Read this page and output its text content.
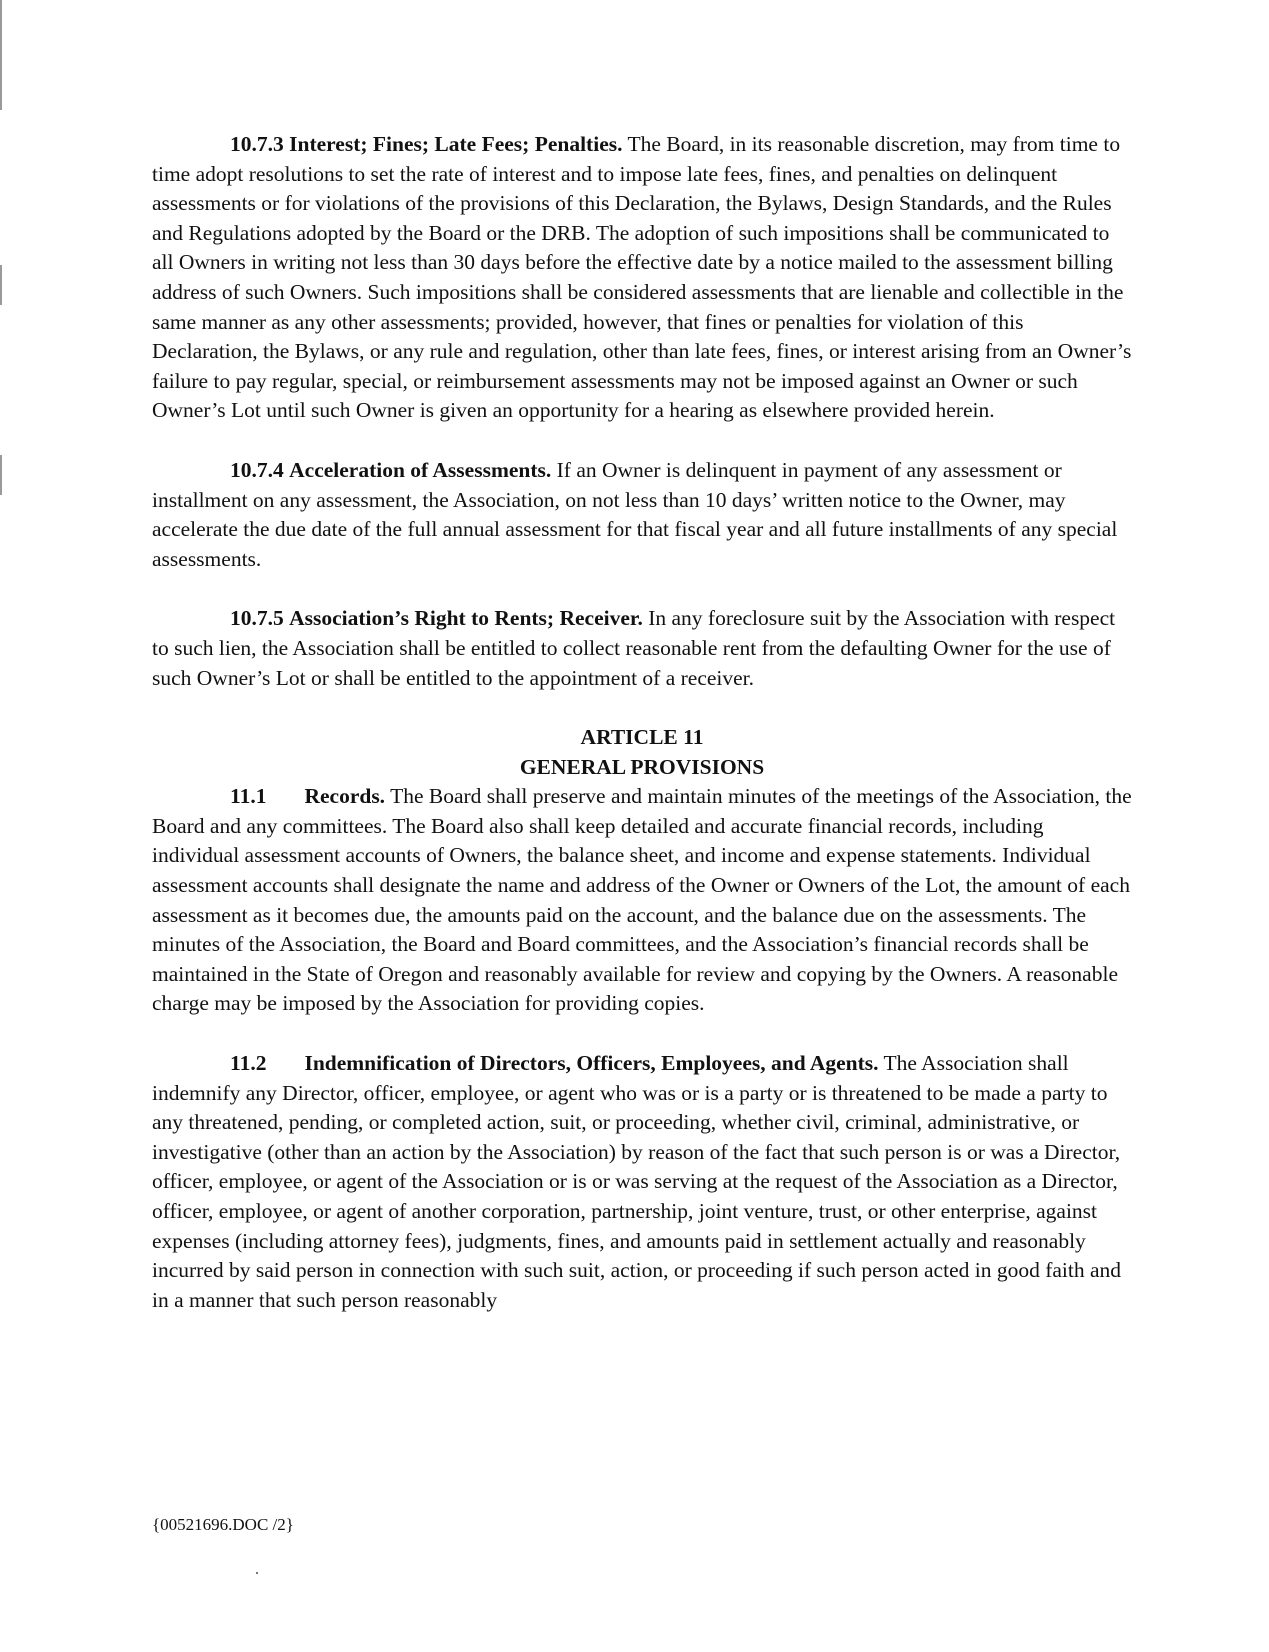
10.7.3 Interest; Fines; Late Fees; Penalties. The Board, in its reasonable discretion, may from time to time adopt resolutions to set the rate of interest and to impose late fees, fines, and penalties on delinquent assessments or for violations of the provisions of this Declaration, the Bylaws, Design Standards, and the Rules and Regulations adopted by the Board or the DRB. The adoption of such impositions shall be communicated to all Owners in writing not less than 30 days before the effective date by a notice mailed to the assessment billing address of such Owners. Such impositions shall be considered assessments that are lienable and collectible in the same manner as any other assessments; provided, however, that fines or penalties for violation of this Declaration, the Bylaws, or any rule and regulation, other than late fees, fines, or interest arising from an Owner’s failure to pay regular, special, or reimbursement assessments may not be imposed against an Owner or such Owner’s Lot until such Owner is given an opportunity for a hearing as elsewhere provided herein.

10.7.4 Acceleration of Assessments. If an Owner is delinquent in payment of any assessment or installment on any assessment, the Association, on not less than 10 days’ written notice to the Owner, may accelerate the due date of the full annual assessment for that fiscal year and all future installments of any special assessments.

10.7.5 Association’s Right to Rents; Receiver. In any foreclosure suit by the Association with respect to such lien, the Association shall be entitled to collect reasonable rent from the defaulting Owner for the use of such Owner’s Lot or shall be entitled to the appointment of a receiver.

ARTICLE 11

GENERAL PROVISIONS

11.1 Records. The Board shall preserve and maintain minutes of the meetings of the Association, the Board and any committees. The Board also shall keep detailed and accurate financial records, including individual assessment accounts of Owners, the balance sheet, and income and expense statements. Individual assessment accounts shall designate the name and address of the Owner or Owners of the Lot, the amount of each assessment as it becomes due, the amounts paid on the account, and the balance due on the assessments. The minutes of the Association, the Board and Board committees, and the Association’s financial records shall be maintained in the State of Oregon and reasonably available for review and copying by the Owners. A reasonable charge may be imposed by the Association for providing copies.

11.2 Indemnification of Directors, Officers, Employees, and Agents. The Association shall indemnify any Director, officer, employee, or agent who was or is a party or is threatened to be made a party to any threatened, pending, or completed action, suit, or proceeding, whether civil, criminal, administrative, or investigative (other than an action by the Association) by reason of the fact that such person is or was a Director, officer, employee, or agent of the Association or is or was serving at the request of the Association as a Director, officer, employee, or agent of another corporation, partnership, joint venture, trust, or other enterprise, against expenses (including attorney fees), judgments, fines, and amounts paid in settlement actually and reasonably incurred by said person in connection with such suit, action, or proceeding if such person acted in good faith and in a manner that such person reasonably

{00521696.DOC /2}
